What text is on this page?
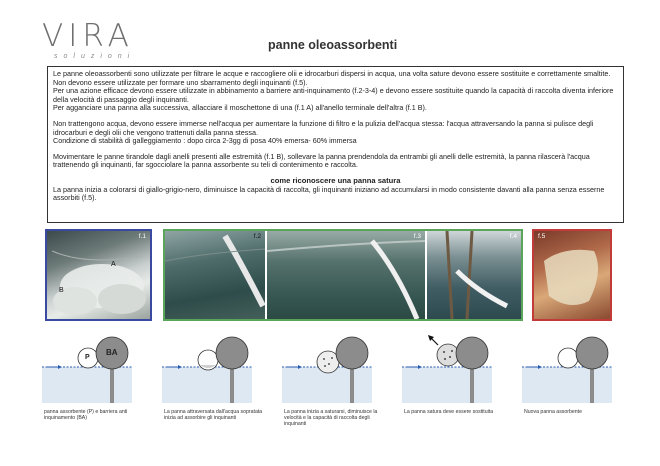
VIRA
soluzioni
panne oleoassorbenti

Le panne oleoassorbenti sono utilizzate per filtrare le acque e raccogliere olii e idrocarburi dispersi in acqua, una volta sature devono essere sostituite e correttamente smaltite.

Non devono essere utilizzate per formare uno sbarramento degli inquinanti (f.5).

Per una azione efficace devono essere utilizzate in abbinamento a barriere anti-inquinamento (f.2-3-4) e devono essere sostituite quando la capacità di raccolta diventa inferiore della velocità di passaggio degli inquinanti.

Per agganciare una panna alla successiva, allacciare il moschettone di una (f.1 A) all'anello terminale dell'altra (f.1 B).

Non trattengono acqua, devono essere immerse nell'acqua per aumentare la funzione di filtro e la pulizia dell'acqua stessa: l'acqua attraversando la panna si pulisce degli idrocarburi e degli olii che vengono trattenuti dalla panna stessa.

Condizione di stabilità di galleggiamento : dopo circa 2-3gg di posa 40% emersa- 60% immersa

Movimentare le panne tirandole dagli anelli presenti alle estremità (f.1 B), sollevare la panna prendendola da entrambi gli anelli delle estremità, la panna rilascerà l'acqua trattenendo gli inquinanti, far sgocciolare la panna assorbente su teli di contenimento e raccolta.

come riconoscere una panna satura

La panna inizia a colorarsi di giallo-grigio-nero, diminuisce la capacità di raccolta, gli inquinanti iniziano ad accumularsi in modo consistente davanti alla panna senza esserne assorbiti (f.5).

f.1
A
B
f.2	f.3	f.4	f.5
P
BA
panna assorbente (P) e barriera anti inquinamento (BA)
La panna attraversata dall'acqua sopratata inizia ad assorbire gli inquinanti
La panna inizia a saturarsi, diminuisce la velocità e la capacità di raccolta degli inquinanti
La panna satura deve essere sostituita	Nuova panna assorbente
